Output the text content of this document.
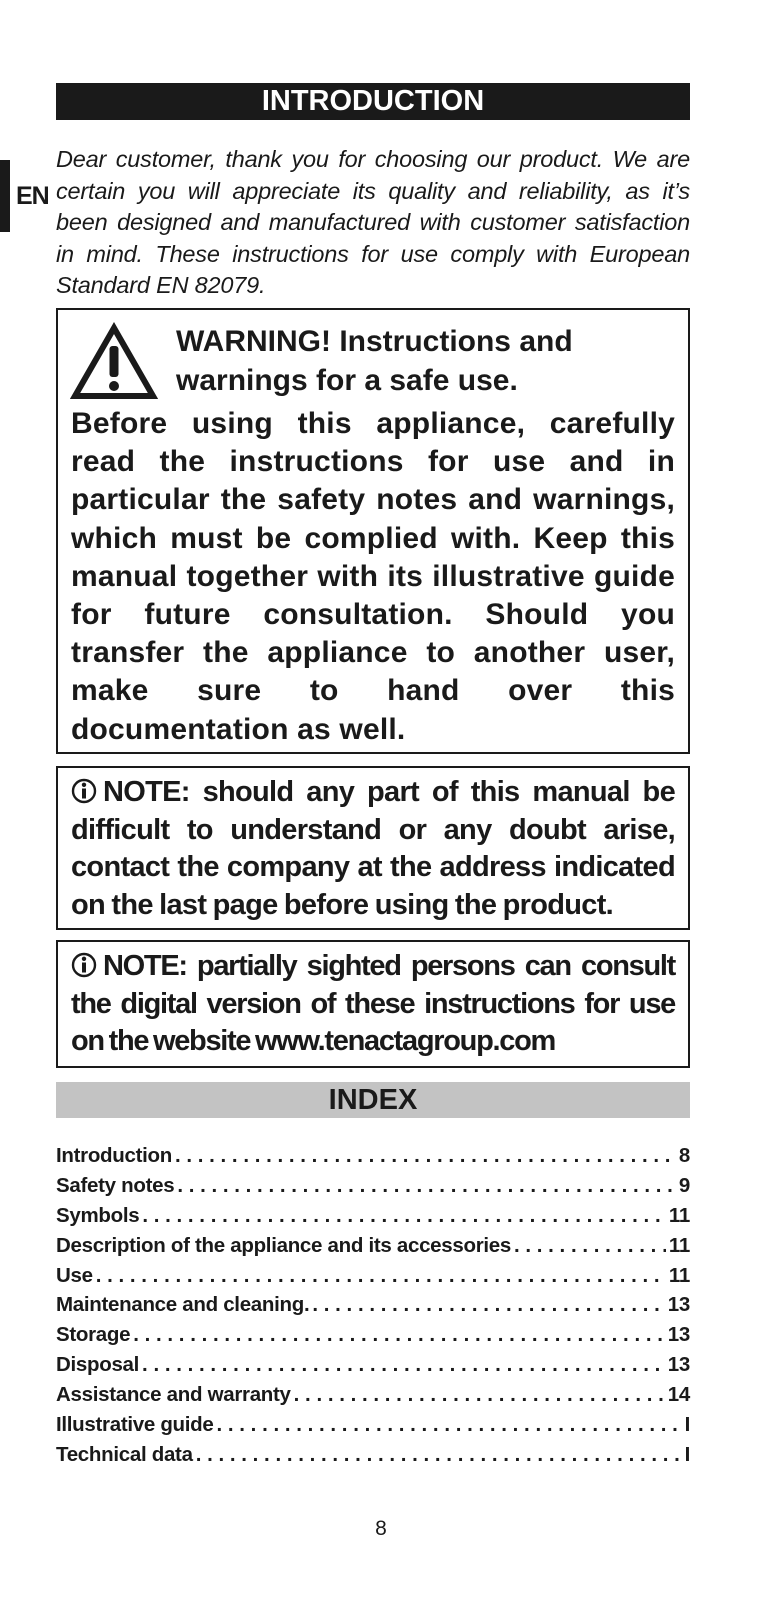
EN
INTRODUCTION

Dear customer, thank you for choosing our product. We are certain you will appreciate its quality and reliability, as it’s been designed and manufactured with customer satisfaction in mind. These instructions for use comply with European Standard EN 82079.

WARNING! Instructions and warnings for a safe use.

Before using this appliance, carefully read the instructions for use and in particular the safety notes and warnings, which must be complied with. Keep this manual together with its illustrative guide for future consultation. Should you transfer the appliance to another user, make sure to hand over this documentation as well.

NOTE: should any part of this manual be difficult to understand or any doubt arise, contact the company at the address indicated on the last page before using the product.

NOTE: partially sighted persons can consult the digital version of these instructions for use on the website www.tenactagroup.com

INDEX
Introduction . . .	8
Safety notes . . .	9
Symbols . . .	11
Description of the appliance and its accessories . . .	11
Use . . .	11
Maintenance and cleaning. . . .	13
Storage . . .	13
Disposal . . .	13
Assistance and warranty . . .	14
Illustrative guide . . .	I
Technical data . . .	I
8
